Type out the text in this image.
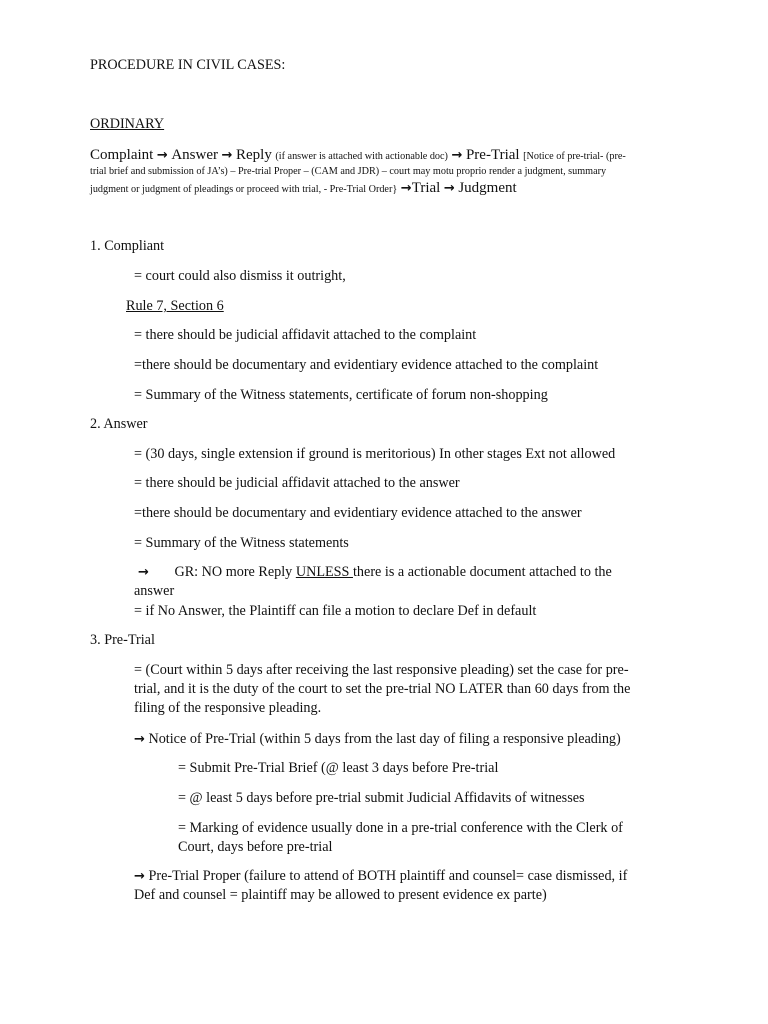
PROCEDURE IN CIVIL CASES:
ORDINARY
Complaint → Answer → Reply (if answer is attached with actionable doc) → Pre-Trial [Notice of pre-trial- (pre-
trial brief and submission of JA’s) – Pre-trial Proper – (CAM and JDR) – court may motu proprio render a judgment, summary
judgment or judgment of pleadings or proceed with trial, - Pre-Trial Order} →Trial → Judgment
1. Compliant
= court could also dismiss it outright,
Rule 7, Section 6
= there should be judicial affidavit attached to the complaint
=there should be documentary and evidentiary evidence attached to the complaint
= Summary of the Witness statements, certificate of forum non-shopping
2. Answer
= (30 days, single extension if ground is meritorious) In other stages Ext not allowed
= there should be judicial affidavit attached to the answer
=there should be documentary and evidentiary evidence attached to the answer
= Summary of the Witness statements
→ GR: NO more Reply UNLESS there is a actionable document attached to the
answer
= if No Answer, the Plaintiff can file a motion to declare Def in default
3. Pre-Trial
= (Court within 5 days after receiving the last responsive pleading) set the case for pre-
trial, and it is the duty of the court to set the pre-trial NO LATER than 60 days from the
filing of the responsive pleading.
→ Notice of Pre-Trial (within 5 days from the last day of filing a responsive pleading)
= Submit Pre-Trial Brief (@ least 3 days before Pre-trial
= @ least 5 days before pre-trial submit Judicial Affidavits of witnesses
= Marking of evidence usually done in a pre-trial conference with the Clerk of
Court, days before pre-trial
→ Pre-Trial Proper (failure to attend of BOTH plaintiff and counsel= case dismissed, if
Def and counsel = plaintiff may be allowed to present evidence ex parte)
